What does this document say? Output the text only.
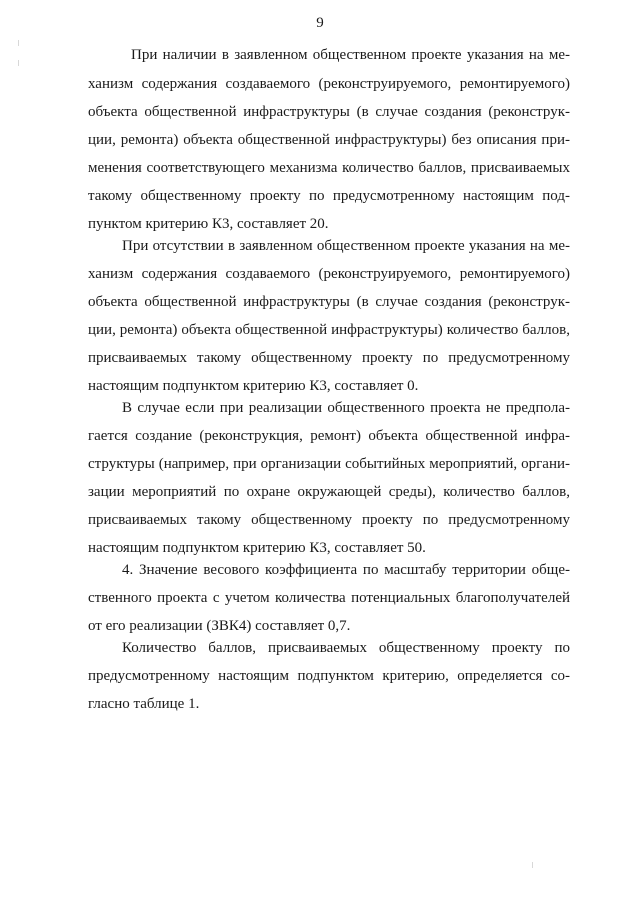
9
При наличии в заявленном общественном проекте указания на ме-
ханизм содержания создаваемого (реконструируемого, ремонтируемого)
объекта общественной инфраструктуры (в случае создания (реконструк-
ции, ремонта) объекта общественной инфраструктуры) без описания при-
менения соответствующего механизма количество баллов, присваиваемых
такому общественному проекту по предусмотренному настоящим под-
пунктом критерию К3, составляет 20.
При отсутствии в заявленном общественном проекте указания на ме-
ханизм содержания создаваемого (реконструируемого, ремонтируемого)
объекта общественной инфраструктуры (в случае создания (реконструк-
ции, ремонта) объекта общественной инфраструктуры) количество баллов,
присваиваемых такому общественному проекту по предусмотренному
настоящим подпунктом критерию К3, составляет 0.
В случае если при реализации общественного проекта не предпола-
гается создание (реконструкция, ремонт) объекта общественной инфра-
структуры (например, при организации событийных мероприятий, органи-
зации мероприятий по охране окружающей среды), количество баллов,
присваиваемых такому общественному проекту по предусмотренному
настоящим подпунктом критерию К3, составляет 50.
4. Значение весового коэффициента по масштабу территории обще-
ственного проекта с учетом количества потенциальных благополучателей
от его реализации (ЗВК4) составляет 0,7.
Количество баллов, присваиваемых общественному проекту по
предусмотренному настоящим подпунктом критерию, определяется со-
гласно таблице 1.
